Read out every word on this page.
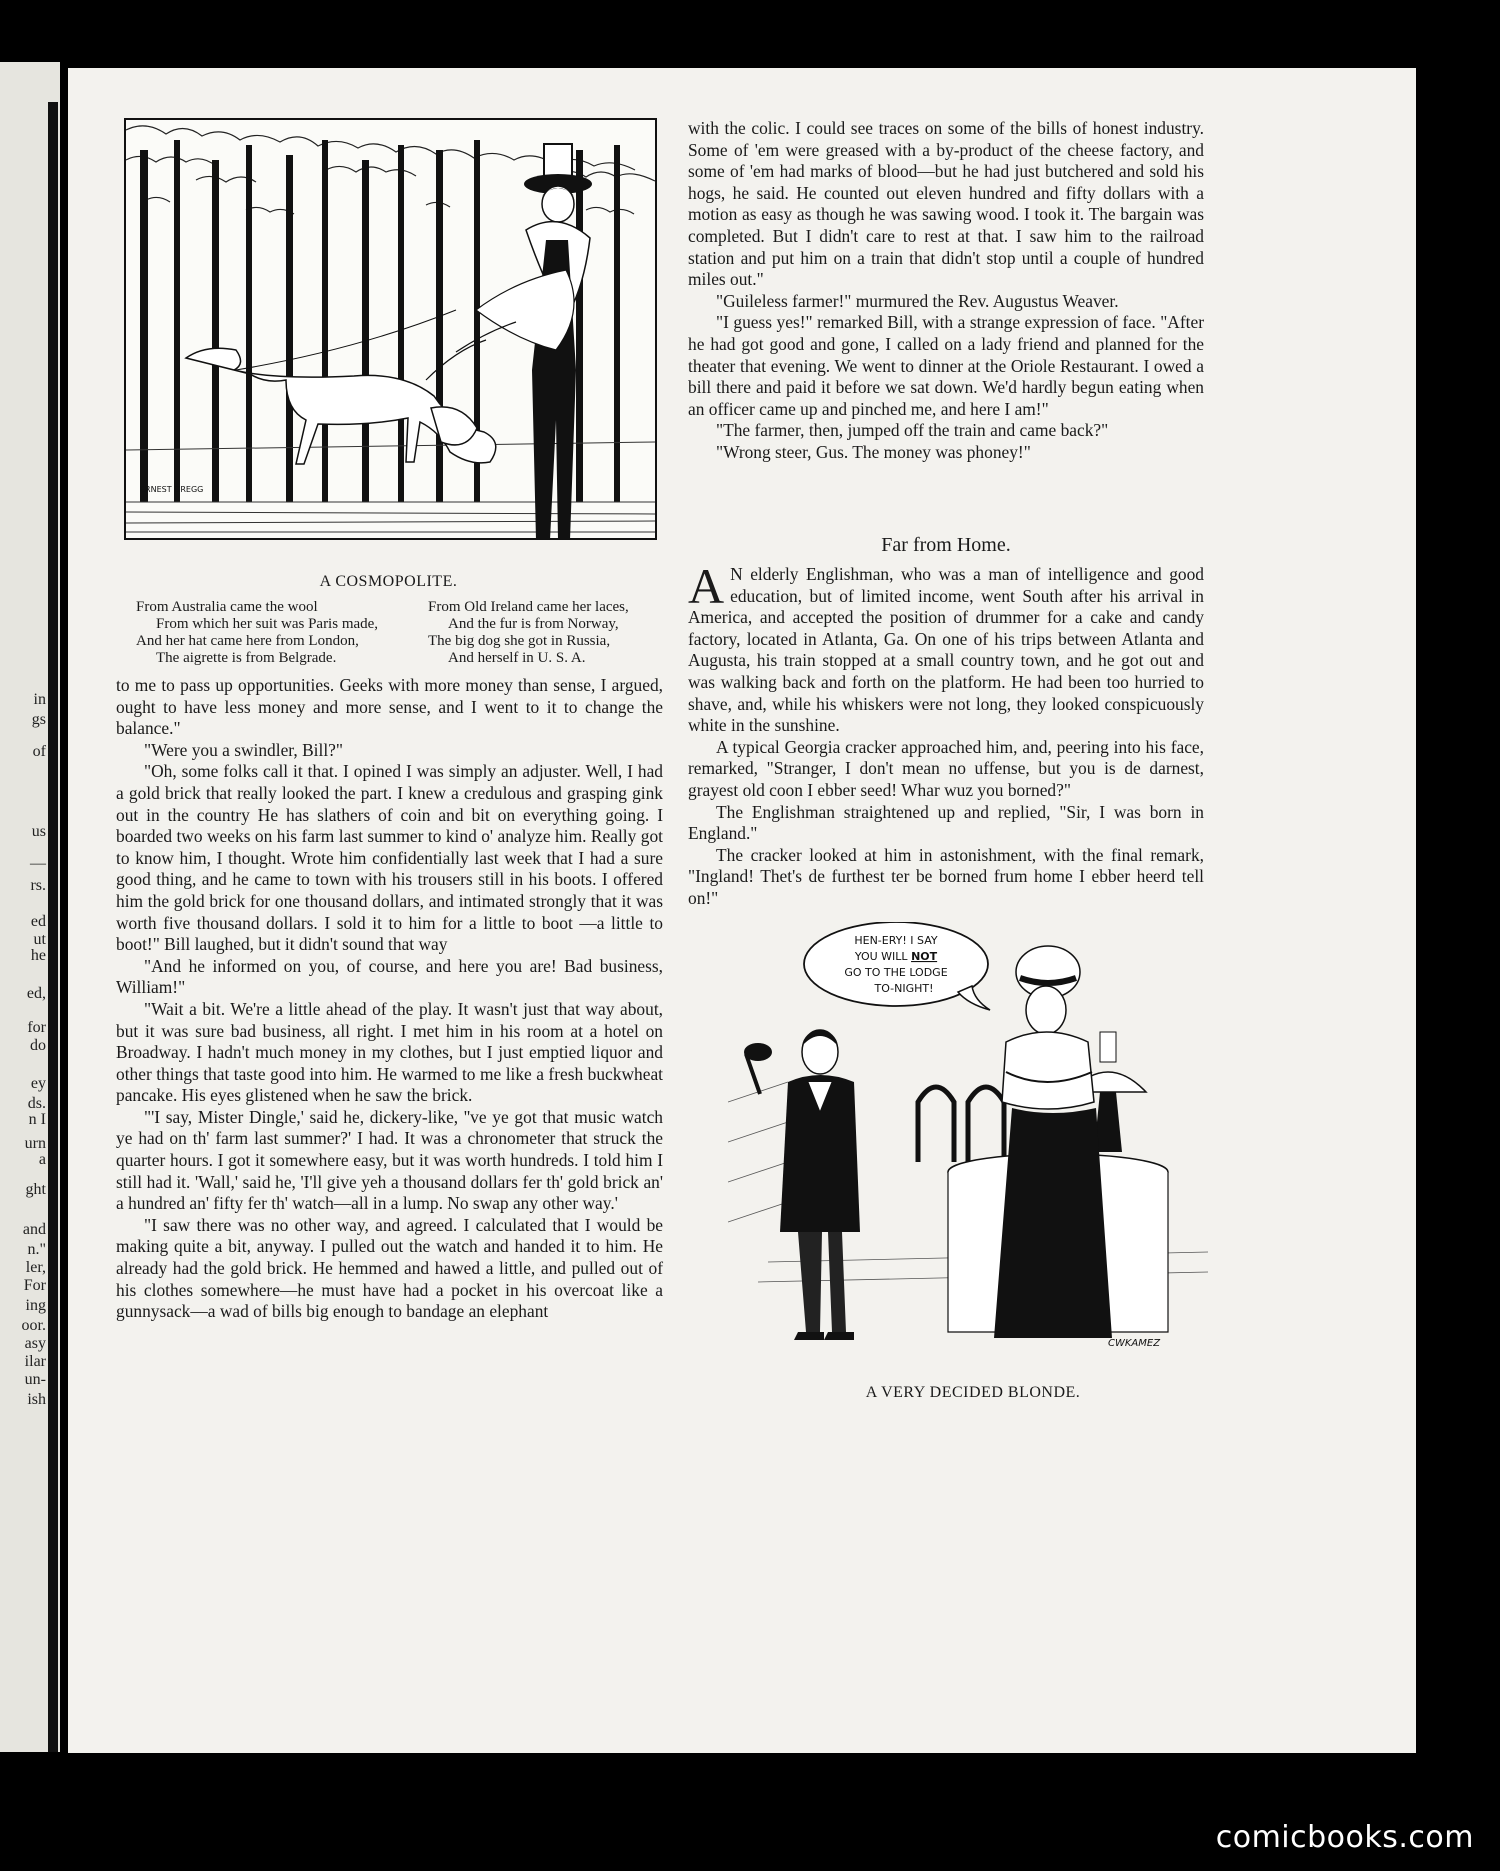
in
gs
of
us
—
rs.
ed
ut
he
ed,
for
do
ey
ds.
n I
urn
a
ght
and
n."
ler,
For
ing
oor.
asy
ilar
un-
ish
ERNEST GREGG
A COSMOPOLITE.
From Australia came the wool
From which her suit was Paris made,
And her hat came here from London,
The aigrette is from Belgrade.
From Old Ireland came her laces,
And the fur is from Norway,
The big dog she got in Russia,
And herself in U. S. A.

to me to pass up opportunities. Geeks with more money than sense, I argued, ought to have less money and more sense, and I went to it to change the balance."

"Were you a swindler, Bill?"

"Oh, some folks call it that. I opined I was simply an adjuster. Well, I had a gold brick that really looked the part. I knew a credulous and grasping gink out in the country He has slathers of coin and bit on everything going. I boarded two weeks on his farm last summer to kind o' analyze him. Really got to know him, I thought. Wrote him confidentially last week that I had a sure good thing, and he came to town with his trousers still in his boots. I offered him the gold brick for one thousand dollars, and intimated strongly that it was worth five thousand dollars. I sold it to him for a little to boot —a little to boot!" Bill laughed, but it didn't sound that way

"And he informed on you, of course, and here you are! Bad business, William!"

"Wait a bit. We're a little ahead of the play. It wasn't just that way about, but it was sure bad business, all right. I met him in his room at a hotel on Broadway. I hadn't much money in my clothes, but I just emptied liquor and other things that taste good into him. He warmed to me like a fresh buckwheat pancake. His eyes glistened when he saw the brick.

"'I say, Mister Dingle,' said he, dickery-like, ''ve ye got that music watch ye had on th' farm last summer?' I had. It was a chronometer that struck the quarter hours. I got it somewhere easy, but it was worth hundreds. I told him I still had it. 'Wall,' said he, 'I'll give yeh a thousand dollars fer th' gold brick an' a hundred an' fifty fer th' watch—all in a lump. No swap any other way.'

"I saw there was no other way, and agreed. I calculated that I would be making quite a bit, anyway. I pulled out the watch and handed it to him. He already had the gold brick. He hemmed and hawed a little, and pulled out of his clothes somewhere—he must have had a pocket in his overcoat like a gunnysack—a wad of bills big enough to bandage an elephant

with the colic. I could see traces on some of the bills of honest industry. Some of 'em were greased with a by-product of the cheese factory, and some of 'em had marks of blood—but he had just butchered and sold his hogs, he said. He counted out eleven hundred and fifty dollars with a motion as easy as though he was sawing wood. I took it. The bargain was completed. But I didn't care to rest at that. I saw him to the railroad station and put him on a train that didn't stop until a couple of hundred miles out."

"Guileless farmer!" murmured the Rev. Augustus Weaver.

"I guess yes!" remarked Bill, with a strange expression of face. "After he had got good and gone, I called on a lady friend and planned for the theater that evening. We went to dinner at the Oriole Restaurant. I owed a bill there and paid it before we sat down. We'd hardly begun eating when an officer came up and pinched me, and here I am!"

"The farmer, then, jumped off the train and came back?"

"Wrong steer, Gus. The money was phoney!"

Far from Home.

A N elderly Englishman, who was a man of intelligence and good education, but of limited income, went South after his arrival in America, and accepted the position of drummer for a cake and candy factory, located in Atlanta, Ga. On one of his trips between Atlanta and Augusta, his train stopped at a small country town, and he got out and was walking back and forth on the platform. He had been too hurried to shave, and, while his whiskers were not long, they looked conspicuously white in the sunshine.

A typical Georgia cracker approached him, and, peering into his face, remarked, "Stranger, I don't mean no uffense, but you is de darnest, grayest old coon I ebber seed! Whar wuz you borned?"

The Englishman straightened up and replied, "Sir, I was born in England."

The cracker looked at him in astonishment, with the final remark, "Ingland! Thet's de furthest ter be borned frum home I ebber heerd tell on!"

HEN-ERY! I SAY
YOU WILL NOT
GO TO THE LODGE
TO-NIGHT!
CWKAMEZ
A VERY DECIDED BLONDE.
comicbooks.com
